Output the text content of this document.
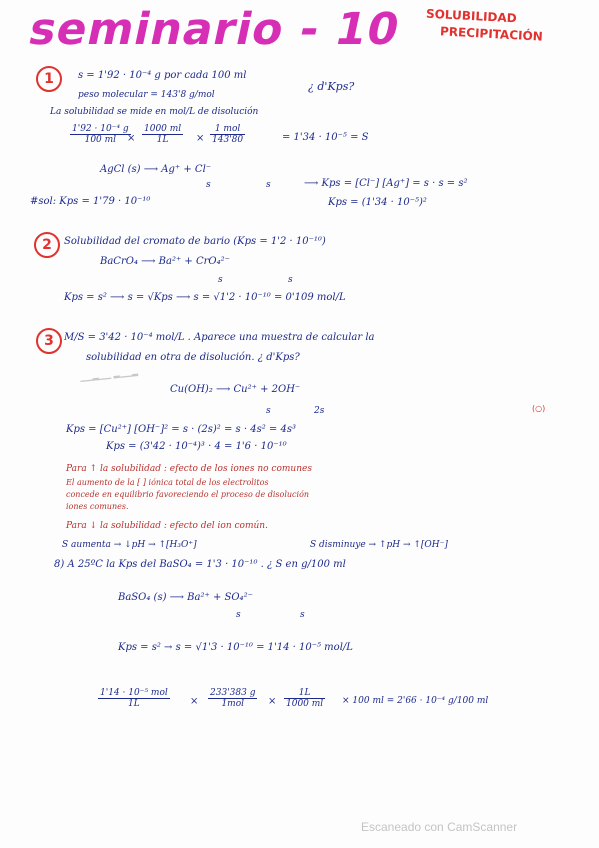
seminario - 10 SOLUBILIDAD
PRECIPITACIÓN
1	s = 1'92 · 10⁻⁴ g por cada 100 ml
¿ d'Kps?
peso molecular = 143'8 g/mol
La solubilidad se mide en mol/L de disolución
$\frac{\text{1'92 · 10⁻⁴ g}}{100 ml}$
× $\frac{1000 ml}{1L}$ ×
1 mol
143'80	= 1'34 · 10⁻⁵ = S
AgCl (s) ⟶ Ag⁺ + Cl⁻
s	s	⟶ Kps = [Cl⁻] [Ag⁺] = s · s = s²
#sol: Kps = 1'79 · 10⁻¹⁰	Kps = (1'34 · 10⁻⁵)²
2	Solubilidad del cromato de bario (Kps = 1'2 · 10⁻¹⁰)
BaCrO₄ ⟶ Ba²⁺ + CrO₄²⁻
s	s
Kps = s² ⟶ s = √Kps ⟶ s = √1'2 · 10⁻¹⁰ = 0'109 mol/L
3	M/S = 3'42 · 10⁻⁴ mol/L . Aparece una muestra de calcular la
solubilidad en otra de disolución. ¿ d'Kps?
▁▁▂▁▁ ▂▁▁▂
Cu(OH)₂ ⟶ Cu²⁺ + 2OH⁻
s	2s	(○)
Kps = [Cu²⁺] [OH⁻]² = s · (2s)² = s · 4s² = 4s³
Kps = (3'42 · 10⁻⁴)³ · 4 = 1'6 · 10⁻¹⁰
Para ↑ la solubilidad : efecto de los iones no comunes
El aumento de la [ ] iónica total de los electrolitos
concede en equilibrio favoreciendo el proceso de disolución
iones comunes.
Para ↓ la solubilidad : efecto del ion común.
S aumenta → ↓pH → ↑[H₃O⁺]	S disminuye → ↑pH → ↑[OH⁻]
8) A 25ºC la Kps del BaSO₄ = 1'3 · 10⁻¹⁰ . ¿ S en g/100 ml
BaSO₄ (s) ⟶ Ba²⁺ + SO₄²⁻
s	s
Kps = s² → s = √1'3 · 10⁻¹⁰ = 1'14 · 10⁻⁵ mol/L
1'14 · 10⁻⁵ mol
1L	×
233'383 g
1mol	× $\frac{1L}{1000 ml} \times 100$ ml = 2'66 · 10⁻⁴ g/100 ml
Escaneado con CamScanner
